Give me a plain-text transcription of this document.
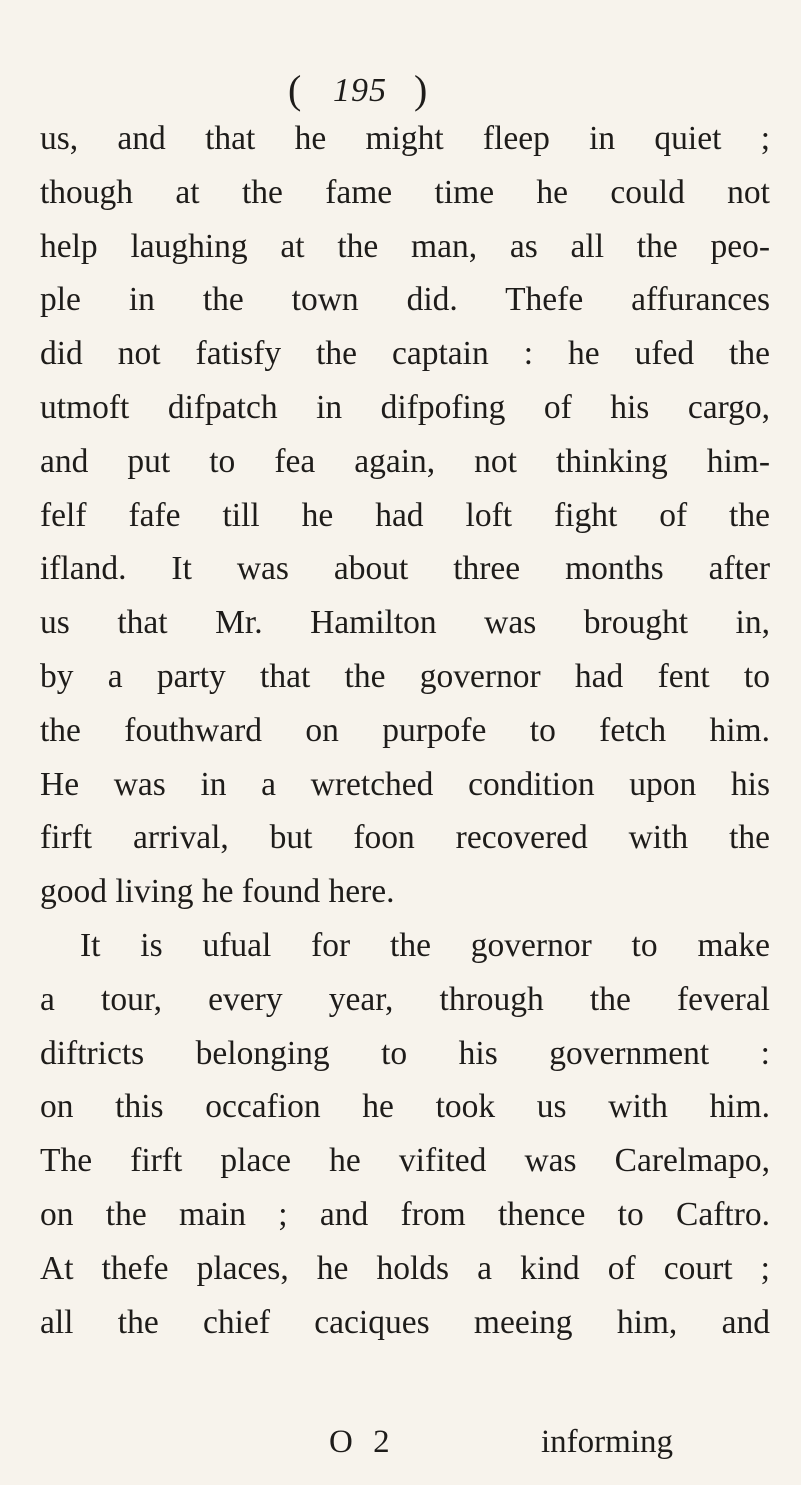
( 195 )
us, and that he might fleep in quiet ;
though at the fame time he could not
help laughing at the man, as all the peo-
ple in the town did. Thefe affurances
did not fatisfy the captain : he ufed the
utmoft difpatch in difpofing of his cargo,
and put to fea again, not thinking him-
felf fafe till he had loft fight of the
ifland. It was about three months after
us that Mr. Hamilton was brought in,
by a party that the governor had fent to
the fouthward on purpofe to fetch him.
He was in a wretched condition upon his
firft arrival, but foon recovered with the
good living he found here.
It is ufual for the governor to make
a tour, every year, through the feveral
diftricts belonging to his government :
on this occafion he took us with him.
The firft place he vifited was Carelmapo,
on the main ; and from thence to Caftro.
At thefe places, he holds a kind of court ;
all the chief caciques meeing him, and
O 2	informing
